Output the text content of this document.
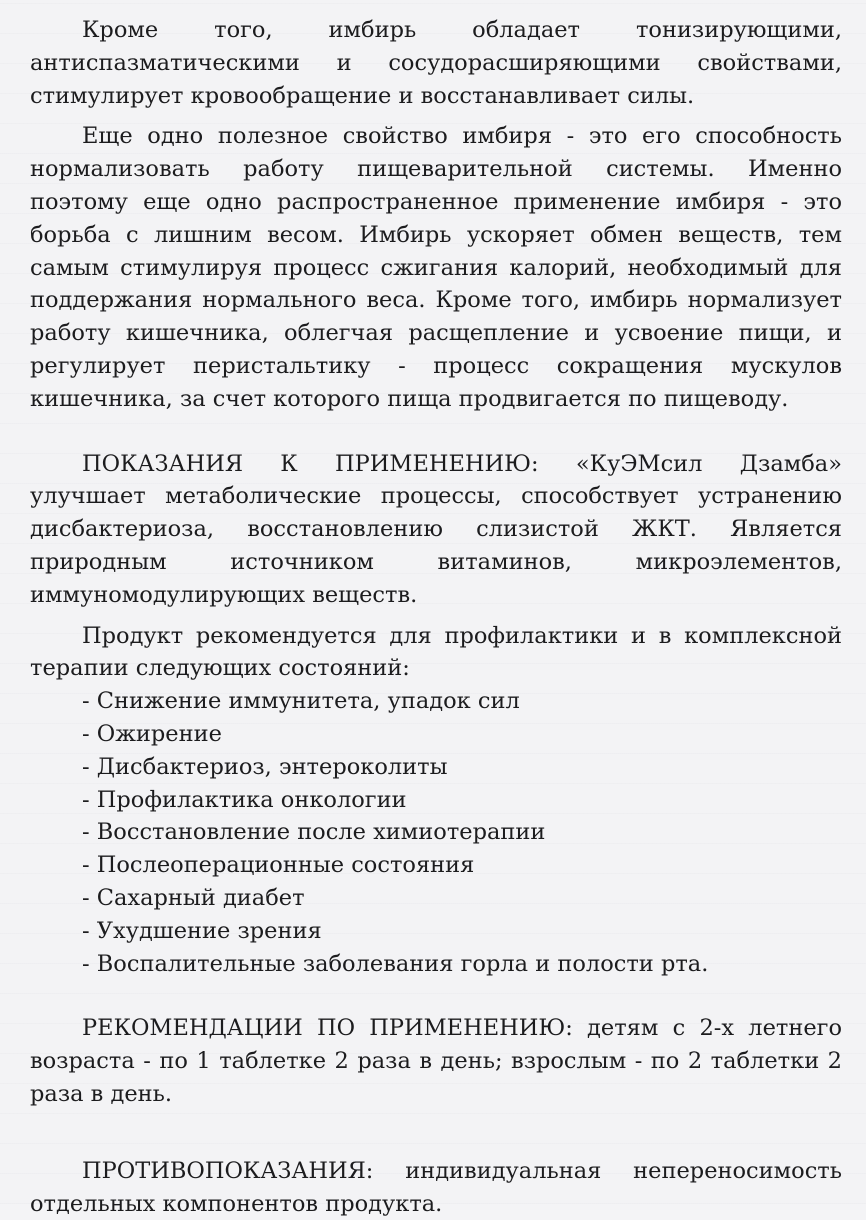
Кроме того, имбирь обладает тонизирующими, антиспазматическими и сосудорасширяющими свойствами, стимулирует кровообращение и восстанавливает силы.

Еще одно полезное свойство имбиря - это его способность нормализовать работу пищеварительной системы. Именно поэтому еще одно распространенное применение имбиря - это борьба с лишним весом. Имбирь ускоряет обмен веществ, тем самым стимулируя процесс сжигания калорий, необходимый для поддержания нормального веса. Кроме того, имбирь нормализует работу кишечника, облегчая расщепление и усвоение пищи, и регулирует перистальтику - процесс сокращения мускулов кишечника, за счет которого пища продвигается по пищеводу.

ПОКАЗАНИЯ К ПРИМЕНЕНИЮ: «КуЭМсил Дзамба» улучшает метаболические процессы, способствует устранению дисбактериоза, восстановлению слизистой ЖКТ. Является природным источником витаминов, микроэлементов, иммуномодулирующих веществ.

Продукт рекомендуется для профилактики и в комплексной терапии следующих состояний:

- Снижение иммунитета, упадок сил
- Ожирение
- Дисбактериоз, энтероколиты
- Профилактика онкологии
- Восстановление после химиотерапии
- Послеоперационные состояния
- Сахарный диабет
- Ухудшение зрения
- Воспалительные заболевания горла и полости рта.

РЕКОМЕНДАЦИИ ПО ПРИМЕНЕНИЮ: детям с 2-х летнего возраста - по 1 таблетке 2 раза в день; взрослым - по 2 таблетки 2 раза в день.

ПРОТИВОПОКАЗАНИЯ: индивидуальная непереносимость отдельных компонентов продукта.
